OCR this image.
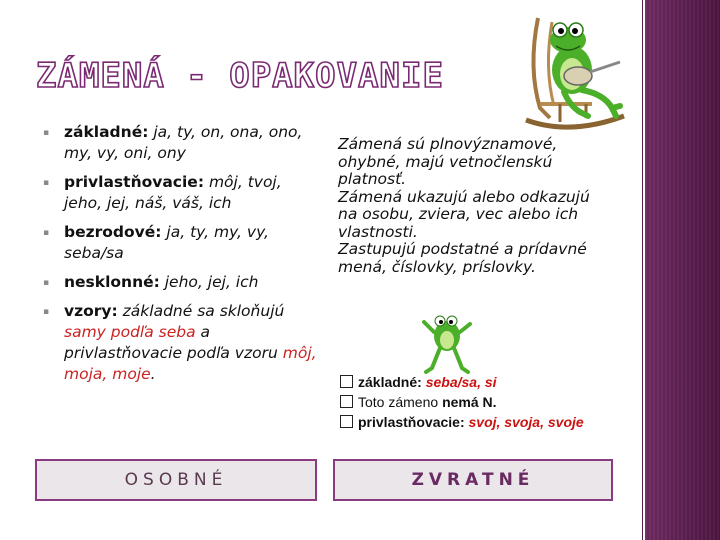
ZÁMENÁ - OPAKOVANIE
▪ základné: ja, ty, on, ona, ono, my, vy, oni, ony
▪ privlastňovacie: môj, tvoj, jeho, jej, náš, váš, ich
▪ bezrodové: ja, ty, my, vy, seba/sa
▪ nesklonné: jeho, jej, ich
▪ vzory: základné sa skloňujú samy podľa seba a privlastňovacie podľa vzoru môj, moja, moje.

Zámená sú plnovýznamové, ohybné, majú vetnočlenskú platnosť.

Zámená ukazujú alebo odkazujú na osobu, zviera, vec alebo ich vlastnosti.

Zastupujú podstatné a prídavné mená, číslovky, príslovky.

základné: seba/sa, si
Toto zámeno nemá N.
privlastňovacie: svoj, svoja, svoje
OSOBNÉ	ZVRATNÉ
